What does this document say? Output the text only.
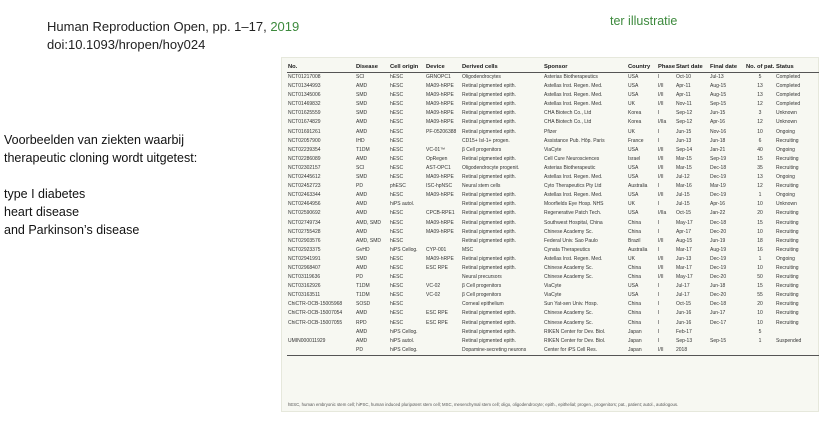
Human Reproduction Open, pp. 1–17, 2019
doi:10.1093/hropen/hoy024
ter illustratie

Voorbeelden van ziekten waarbij

therapeutic cloning wordt uitgetest:

type I diabetes

heart disease

and Parkinson’s disease

No.	Disease	Cell origin	Device	Derived cells	Sponsor	Country	Phase	Start date	Final date	No. of pat.	Status
NCT01217008	SCI	hESC	GRNOPC1	Oligodendrocytes	Asterias Biotherapeutics	USA	I	Oct-10	Jul-13	5	Completed
NCT01344993	AMD	hESC	MA09-hRPE	Retinal pigmented epith.	Astellas Inst. Regen. Med.	USA	I/II	Apr-11	Aug-15	13	Completed
NCT01345006	SMD	hESC	MA09-hRPE	Retinal pigmented epith.	Astellas Inst. Regen. Med.	USA	I/II	Apr-11	Aug-15	13	Completed
NCT01469832	SMD	hESC	MA09-hRPE	Retinal pigmented epith.	Astellas Inst. Regen. Med.	UK	I/II	Nov-11	Sep-15	12	Completed
NCT01625559	SMD	hESC	MA09-hRPE	Retinal pigmented epith.	CHA Biotech Co., Ltd	Korea	I	Sep-12	Jun-15	3	Unknown
NCT01674829	AMD	hESC	MA09-hRPE	Retinal pigmented epith.	CHA Biotech Co., Ltd	Korea	I/IIa	Sep-12	Apr-16	12	Unknown
NCT01691261	AMD	hESC	PF-05206388	Retinal pigmented epith.	Pfizer	UK	I	Jun-15	Nov-16	10	Ongoing
NCT02057900	IHD	hESC		CD15+ Isl-1+ progen.	Assistance Pub. Hôp. Paris	France	I	Jun-13	Jun-18	6	Recruiting
NCT02239354	T1DM	hESC	VC-01™	β Cell progenitors	ViaCyte	USA	I/II	Sep-14	Jan-21	40	Ongoing
NCT02286089	AMD	hESC	OpRegen	Retinal pigmented epith.	Cell Cure Neurosciences	Israel	I/II	Mar-15	Sep-19	15	Recruiting
NCT02302157	SCI	hESC	AST-OPC1	Oligodendrocyte progenit.	Asterias Biotherapeutic	USA	I/II	Mar-15	Dec-18	35	Recruiting
NCT02445612	SMD	hESC	MA09-hRPE	Retinal pigmented epith.	Astellas Inst. Regen. Med.	USA	I/II	Jul-12	Dec-19	13	Ongoing
NCT02452723	PD	phESC	ISC-hpNSC	Neural stem cells	Cyto Therapeutics Pty Ltd	Australia	I	Mar-16	Mar-19	12	Recruiting
NCT02463344	AMD	hESC	MA09-hRPE	Retinal pigmented epith.	Astellas Inst. Regen. Med.	USA	I/II	Jul-15	Dec-19	1	Ongoing
NCT02464956	AMD	hiPS autol.		Retinal pigmented epith.	Moorfields Eye Hosp. NHS	UK	I	Jul-15	Apr-16	10	Unknown
NCT02590692	AMD	hESC	CPCB-RPE1	Retinal pigmented epith.	Regenerative Patch Tech.	USA	I/IIa	Oct-15	Jan-22	20	Recruiting
NCT02749734	AMD, SMD	hESC	MA09-hRPE	Retinal pigmented epith.	Southwest Hospital, China	China	I	May-17	Dec-18	15	Recruiting
NCT02755428	AMD	hESC	MA09-hRPE	Retinal pigmented epith.	Chinese Academy Sc.	China	I	Apr-17	Dec-20	10	Recruiting
NCT02903576	AMD, SMD	hESC		Retinal pigmented epith.	Federal Univ. Sao Paulo	Brazil	I/II	Aug-15	Jun-19	18	Recruiting
NCT02923375	GvHD	hiPS Cellog.	CYP-001	MSC	Cynata Therapeutics	Australia	I	Mar-17	Aug-19	16	Recruiting
NCT02941991	SMD	hESC	MA09-hRPE	Retinal pigmented epith.	Astellas Inst. Regen. Med.	UK	I/II	Jun-13	Dec-19	1	Ongoing
NCT02968407	AMD	hESC	ESC RPE	Retinal pigmented epith.	Chinese Academy Sc.	China	I/II	Mar-17	Dec-19	10	Recruiting
NCT03119636	PD	hESC		Neural precursors	Chinese Academy Sc.	China	I/II	May-17	Dec-20	50	Recruiting
NCT03162926	T1DM	hESC	VC-02	β Cell progenitors	ViaCyte	USA	I	Jul-17	Jun-18	15	Recruiting
NCT03163511	T1DM	hESC	VC-02	β Cell progenitors	ViaCyte	USA	I	Jul-17	Dec-20	55	Recruiting
ChiCTR-OCB-15005968	SOSD	hESC		Corneal epithelium	Sun Yat-sen Univ. Hosp.	China	I	Oct-15	Dec-18	20	Recruiting
ChiCTR-OCB-15007054	AMD	hESC	ESC RPE	Retinal pigmented epith.	Chinese Academy Sc.	China	I	Jun-16	Jun-17	10	Recruiting
ChiCTR-OCB-15007055	RPD	hESC	ESC RPE	Retinal pigmented epith.	Chinese Academy Sc.	China	I	Jun-16	Dec-17	10	Recruiting
	AMD	hiPS Cellog.		Retinal pigmented epith.	RIKEN Center for Dev. Biol.	Japan	I	Feb-17		5	
UMIN000011929	AMD	hiPS autol.		Retinal pigmented epith.	RIKEN Center for Dev. Biol.	Japan	I	Sep-13	Sep-15	1	Suspended
	PD	hiPS Cellog.		Dopamine-secreting neurons	Center for iPS Cell Res.	Japan	I/II	2018			
hESC, human embryonic stem cell; hiPSC, human induced pluripotent stem cell; MSC, mesenchymal stem cell; oligo, oligodendrocyte; epith., epithelial; progen., progenitors; pat., patient; autol., autologous.
